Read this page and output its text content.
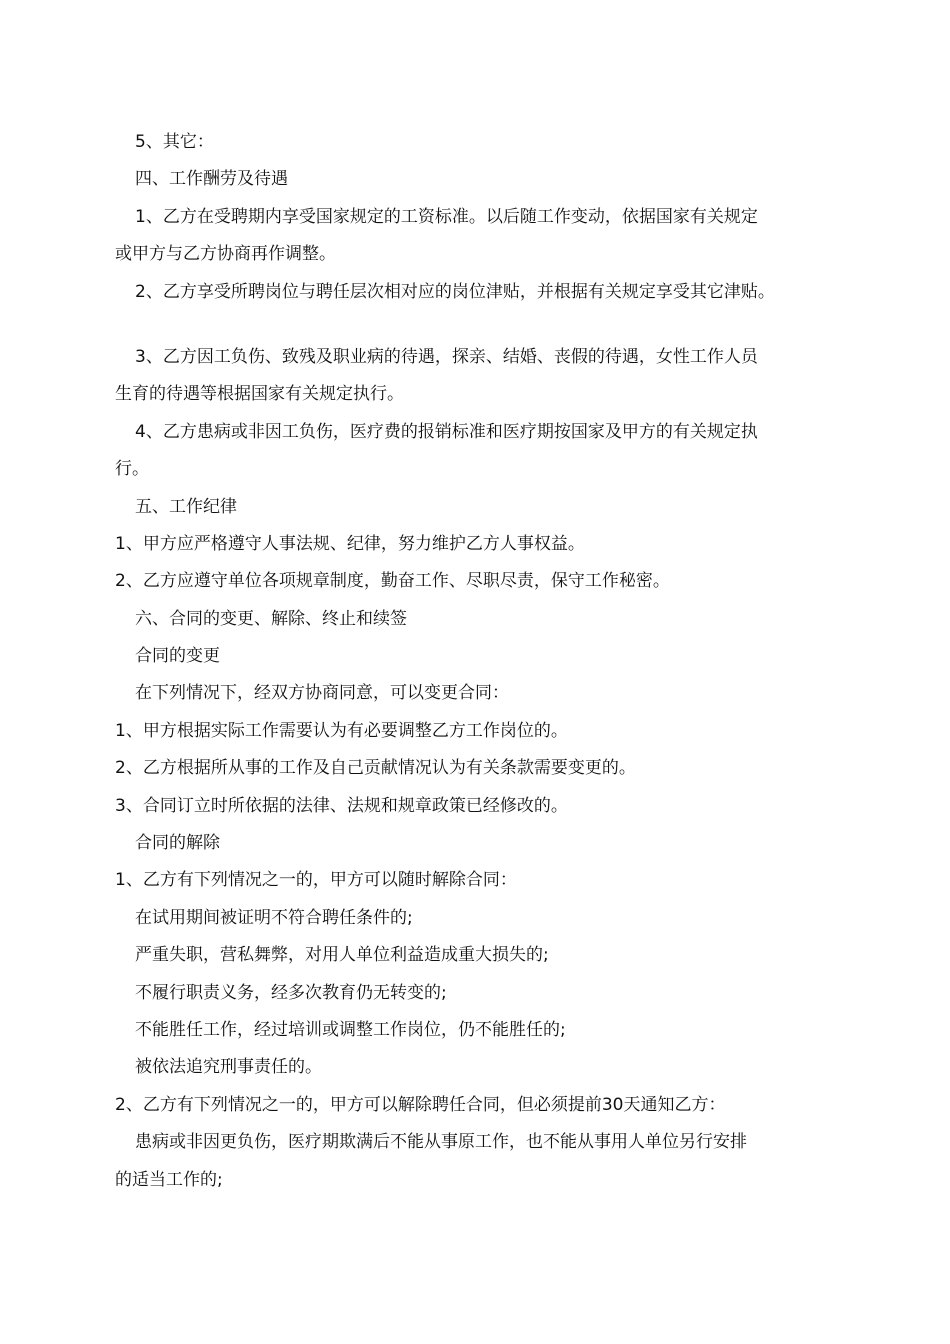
5、其它：
四、工作酬劳及待遇
1、乙方在受聘期内享受国家规定的工资标准。以后随工作变动，依据国家有关规定
或甲方与乙方协商再作调整。
2、乙方享受所聘岗位与聘任层次相对应的岗位津贴，并根据有关规定享受其它津贴。
3、乙方因工负伤、致残及职业病的待遇，探亲、结婚、丧假的待遇，女性工作人员
生育的待遇等根据国家有关规定执行。
4、乙方患病或非因工负伤，医疗费的报销标准和医疗期按国家及甲方的有关规定执
行。
五、工作纪律
1、甲方应严格遵守人事法规、纪律，努力维护乙方人事权益。
2、乙方应遵守单位各项规章制度，勤奋工作、尽职尽责，保守工作秘密。
六、合同的变更、解除、终止和续签
合同的变更
在下列情况下，经双方协商同意，可以变更合同：
1、甲方根据实际工作需要认为有必要调整乙方工作岗位的。
2、乙方根据所从事的工作及自己贡献情况认为有关条款需要变更的。
3、合同订立时所依据的法律、法规和规章政策已经修改的。
合同的解除
1、乙方有下列情况之一的，甲方可以随时解除合同：
在试用期间被证明不符合聘任条件的;
严重失职，营私舞弊，对用人单位利益造成重大损失的;
不履行职责义务，经多次教育仍无转变的;
不能胜任工作，经过培训或调整工作岗位，仍不能胜任的;
被依法追究刑事责任的。
2、乙方有下列情况之一的，甲方可以解除聘任合同，但必须提前30天通知乙方：
患病或非因更负伤，医疗期欺满后不能从事原工作，也不能从事用人单位另行安排
的适当工作的;
